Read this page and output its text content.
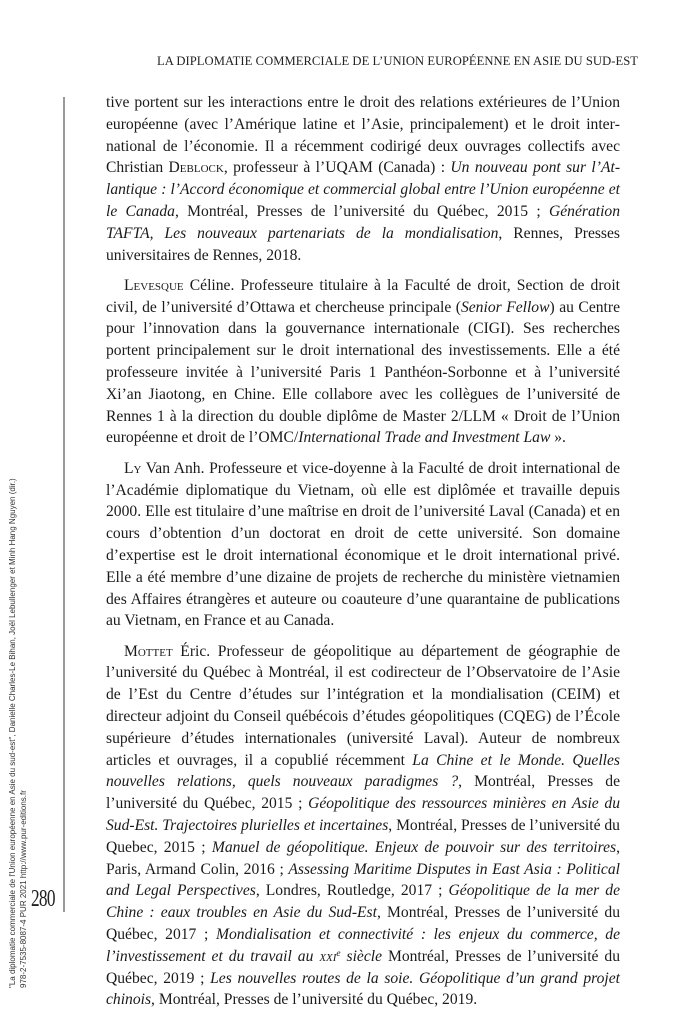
LA DIPLOMATIE COMMERCIALE DE L’UNION EUROPÉENNE EN ASIE DU SUD-EST
"La diplomatie commerciale de l'Union européenne en Asie du sud-est", Danielle Charles-Le Bihan, Joël Lebullenger et Minh Hang Nguyen (dir.) 978-2-7535-8087-4 PUR 2021 http://www.pur-editions.fr 280

tive portent sur les interactions entre le droit des relations extérieures de l’Union européenne (avec l’Amérique latine et l’Asie, principalement) et le droit international de l’économie. Il a récemment codirigé deux ouvrages collectifs avec Christian Deblock, professeur à l’UQAM (Canada) : Un nouveau pont sur l’Atlantique : l’Accord économique et commercial global entre l’Union européenne et le Canada, Montréal, Presses de l’université du Québec, 2015 ; Génération TAFTA, Les nouveaux partenariats de la mondialisation, Rennes, Presses universitaires de Rennes, 2018.

Levesque Céline. Professeure titulaire à la Faculté de droit, Section de droit civil, de l’université d’Ottawa et chercheuse principale (Senior Fellow) au Centre pour l’innovation dans la gouvernance internationale (CIGI). Ses recherches portent principalement sur le droit international des investissements. Elle a été professeure invitée à l’université Paris 1 Panthéon-Sorbonne et à l’université Xi’an Jiaotong, en Chine. Elle collabore avec les collègues de l’université de Rennes 1 à la direction du double diplôme de Master 2/LLM « Droit de l’Union européenne et droit de l’OMC/International Trade and Investment Law ».

Ly Van Anh. Professeure et vice-doyenne à la Faculté de droit international de l’Académie diplomatique du Vietnam, où elle est diplômée et travaille depuis 2000. Elle est titulaire d’une maîtrise en droit de l’université Laval (Canada) et en cours d’obtention d’un doctorat en droit de cette université. Son domaine d’expertise est le droit international économique et le droit international privé. Elle a été membre d’une dizaine de projets de recherche du ministère vietnamien des Affaires étrangères et auteure ou coauteure d’une quarantaine de publications au Vietnam, en France et au Canada.

Mottet Éric. Professeur de géopolitique au département de géographie de l’université du Québec à Montréal, il est codirecteur de l’Observatoire de l’Asie de l’Est du Centre d’études sur l’intégration et la mondialisation (CEIM) et directeur adjoint du Conseil québécois d’études géopolitiques (CQEG) de l’École supérieure d’études internationales (université Laval). Auteur de nombreux articles et ouvrages, il a copublié récemment La Chine et le Monde. Quelles nouvelles relations, quels nouveaux paradigmes ?, Montréal, Presses de l’université du Québec, 2015 ; Géopolitique des ressources minières en Asie du Sud-Est. Trajectoires plurielles et incertaines, Montréal, Presses de l’université du Quebec, 2015 ; Manuel de géopolitique. Enjeux de pouvoir sur des territoires, Paris, Armand Colin, 2016 ; Assessing Maritime Disputes in East Asia : Political and Legal Perspectives, Londres, Routledge, 2017 ; Géopolitique de la mer de Chine : eaux troubles en Asie du Sud-Est, Montréal, Presses de l’université du Québec, 2017 ; Mondialisation et connectivité : les enjeux du commerce, de l’investissement et du travail au xxi$^e$ siècle Montréal, Presses de l’université du Québec, 2019 ; Les nouvelles routes de la soie. Géopolitique d’un grand projet chinois, Montréal, Presses de l’université du Québec, 2019.
